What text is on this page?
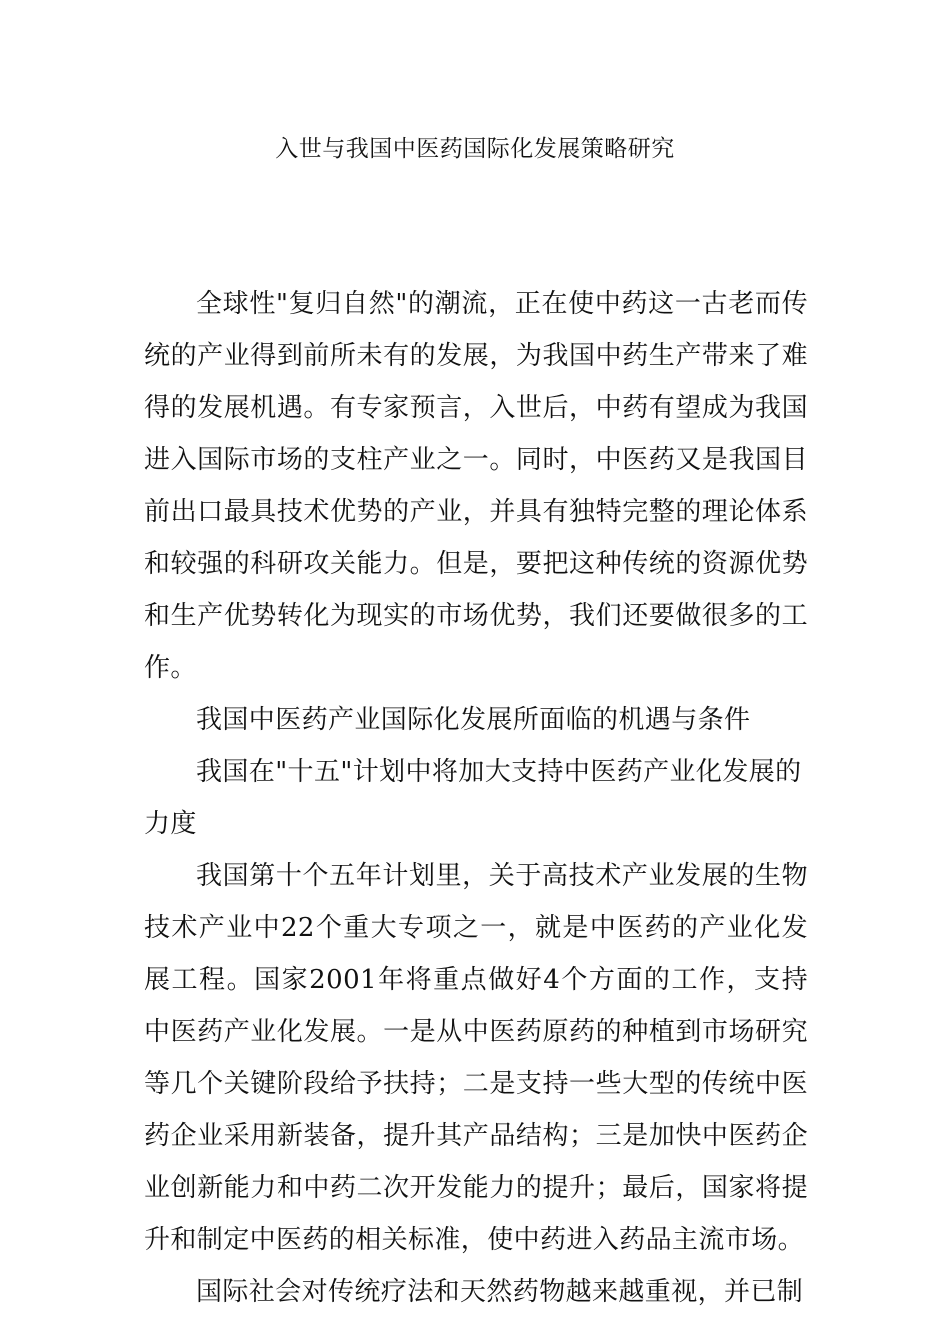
入世与我国中医药国际化发展策略研究

全球性"复归自然"的潮流，正在使中药这一古老而传统的产业得到前所未有的发展，为我国中药生产带来了难得的发展机遇。有专家预言，入世后，中药有望成为我国进入国际市场的支柱产业之一。同时，中医药又是我国目前出口最具技术优势的产业，并具有独特完整的理论体系和较强的科研攻关能力。但是，要把这种传统的资源优势和生产优势转化为现实的市场优势，我们还要做很多的工作。

我国中医药产业国际化发展所面临的机遇与条件

我国在"十五"计划中将加大支持中医药产业化发展的力度

我国第十个五年计划里，关于高技术产业发展的生物技术产业中22个重大专项之一，就是中医药的产业化发展工程。国家2001年将重点做好4个方面的工作，支持中医药产业化发展。一是从中医药原药的种植到市场研究等几个关键阶段给予扶持；二是支持一些大型的传统中医药企业采用新装备，提升其产品结构；三是加快中医药企业创新能力和中药二次开发能力的提升；最后，国家将提升和制定中医药的相关标准，使中药进入药品主流市场。

国际社会对传统疗法和天然药物越来越重视，并已制
